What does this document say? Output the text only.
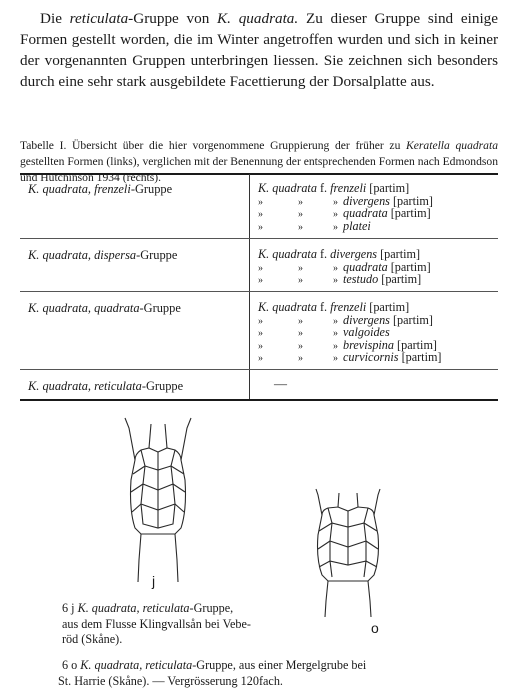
Die reticulata-Gruppe von K. quadrata. Zu dieser Gruppe sind einige Formen gestellt worden, die im Winter angetroffen wurden und sich in keiner der vorgenannten Gruppen unterbringen liessen. Sie zeichnen sich besonders durch eine sehr stark ausgebildete Facettierung der Dorsalplatte aus.
Tabelle I. Übersicht über die hier vorgenommene Gruppierung der früher zu Keratella quadrata gestellten Formen (links), verglichen mit der Benennung der entsprechenden Formen nach Edmondson und Hutchinson 1934 (rechts).
K. quadrata, frenzeli-Gruppe	K. quadrata f. frenzeli [partim]
»	»	» divergens [partim]
»	»	» quadrata [partim]
»	»	» platei
K. quadrata, dispersa-Gruppe	K. quadrata f. divergens [partim]
»	»	» quadrata [partim]
»	»	» testudo [partim]
K. quadrata, quadrata-Gruppe	K. quadrata f. frenzeli [partim]
»	»	» divergens [partim]
»	»	» valgoides
»	»	» brevispina [partim]
»	»	» curvicornis [partim]
K. quadrata, reticulata-Gruppe	—
j
o
6 j K. quadrata, reticulata-Gruppe,
aus dem Flusse Klingvallsån bei Vebe-
röd (Skåne).
6 o K. quadrata, reticulata-Gruppe, aus einer Mergelgrube bei
St. Harrie (Skåne). — Vergrösserung 120fach.
